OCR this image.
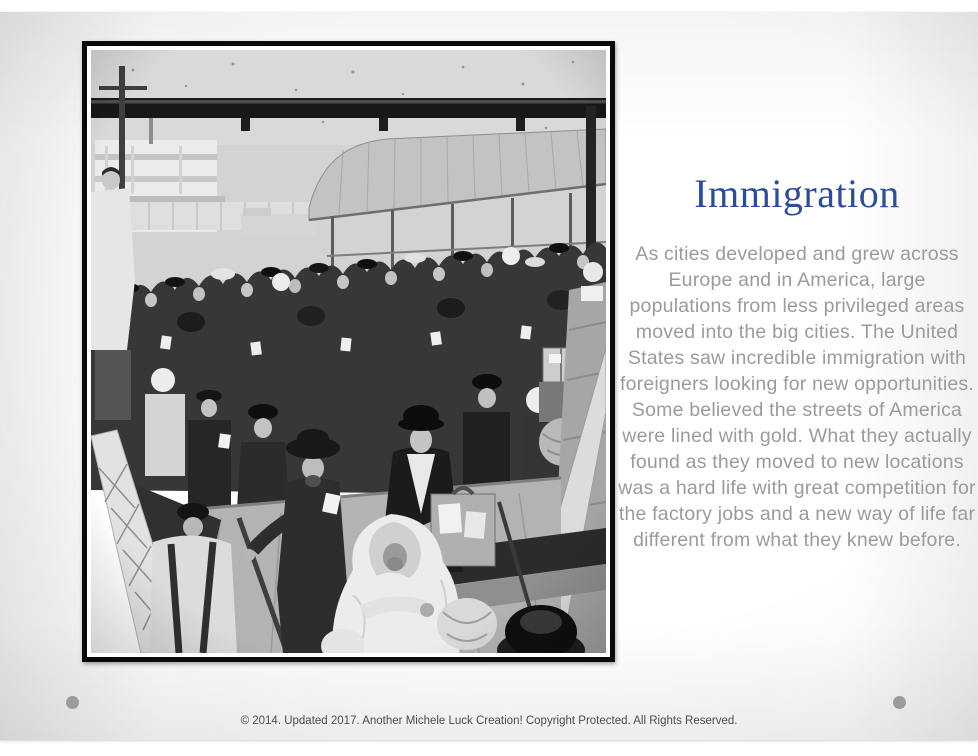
Immigration
As cities developed and grew across Europe and in America, large populations from less privileged areas moved into the big cities. The United States saw incredible immigration with foreigners looking for new opportunities. Some believed the streets of America were lined with gold. What they actually found as they moved to new locations was a hard life with great competition for the factory jobs and a new way of life far different from what they knew before.
© 2014. Updated 2017. Another Michele Luck Creation! Copyright Protected. All Rights Reserved.
